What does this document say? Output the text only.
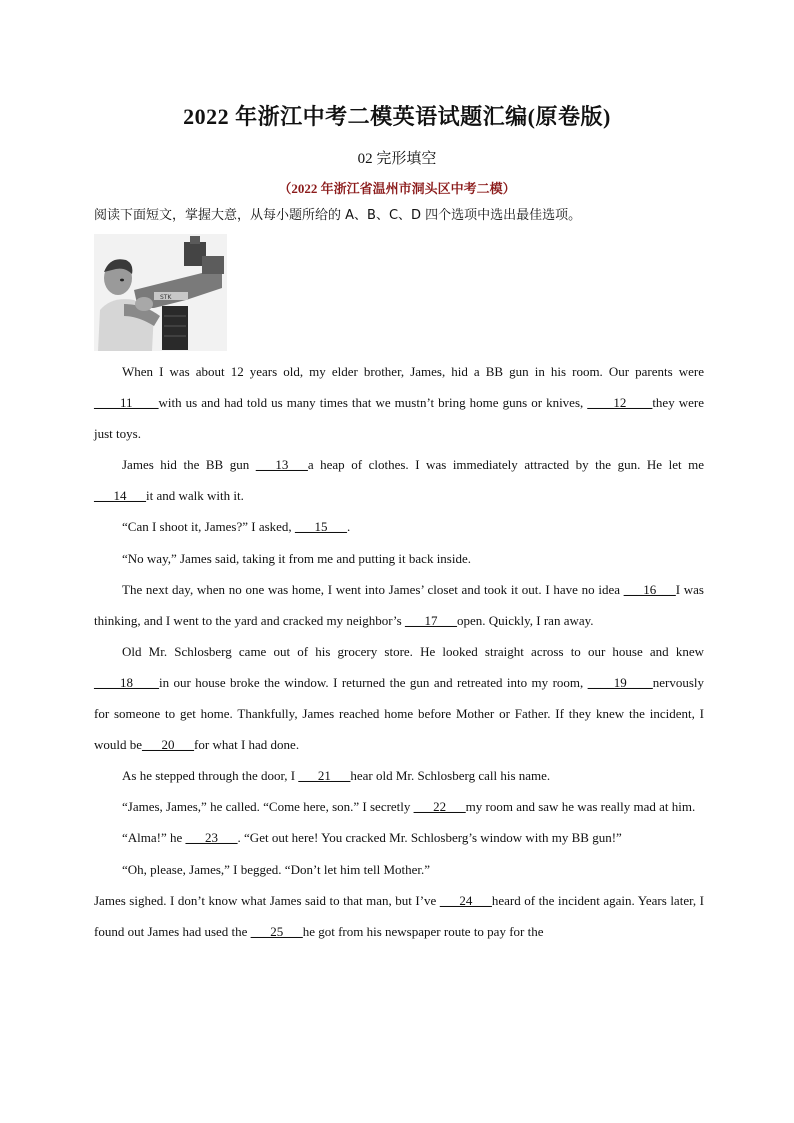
2022 年浙江中考二模英语试题汇编(原卷版)
02 完形填空
（2022 年浙江省温州市洞头区中考二模）
阅读下面短文，掌握大意，从每小题所给的 A、B、C、D 四个选项中选出最佳选项。
STK

When I was about 12 years old, my elder brother, James, hid a BB gun in his room. Our parents were ____11____with us and had told us many times that we mustn’t bring home guns or knives, ____12____they were just toys.

James hid the BB gun ___13___a heap of clothes. I was immediately attracted by the gun. He let me ___14___it and walk with it.

“Can I shoot it, James?” I asked, ___15___.

“No way,” James said, taking it from me and putting it back inside.

The next day, when no one was home, I went into James’ closet and took it out. I have no idea ___16___I was thinking, and I went to the yard and cracked my neighbor’s ___17___open. Quickly, I ran away.

Old Mr. Schlosberg came out of his grocery store. He looked straight across to our house and knew ____18____in our house broke the window. I returned the gun and retreated into my room, ____19____nervously for someone to get home. Thankfully, James reached home before Mother or Father. If they knew the incident, I would be___20___for what I had done.

As he stepped through the door, I ___21___hear old Mr. Schlosberg call his name.

“James, James,” he called. “Come here, son.” I secretly ___22___my room and saw he was really mad at him.

“Alma!” he ___23___. “Get out here! You cracked Mr. Schlosberg’s window with my BB gun!”

“Oh, please, James,” I begged. “Don’t let him tell Mother.”

James sighed. I don’t know what James said to that man, but I’ve ___24___heard of the incident again. Years later, I found out James had used the ___25___he got from his newspaper route to pay for the
